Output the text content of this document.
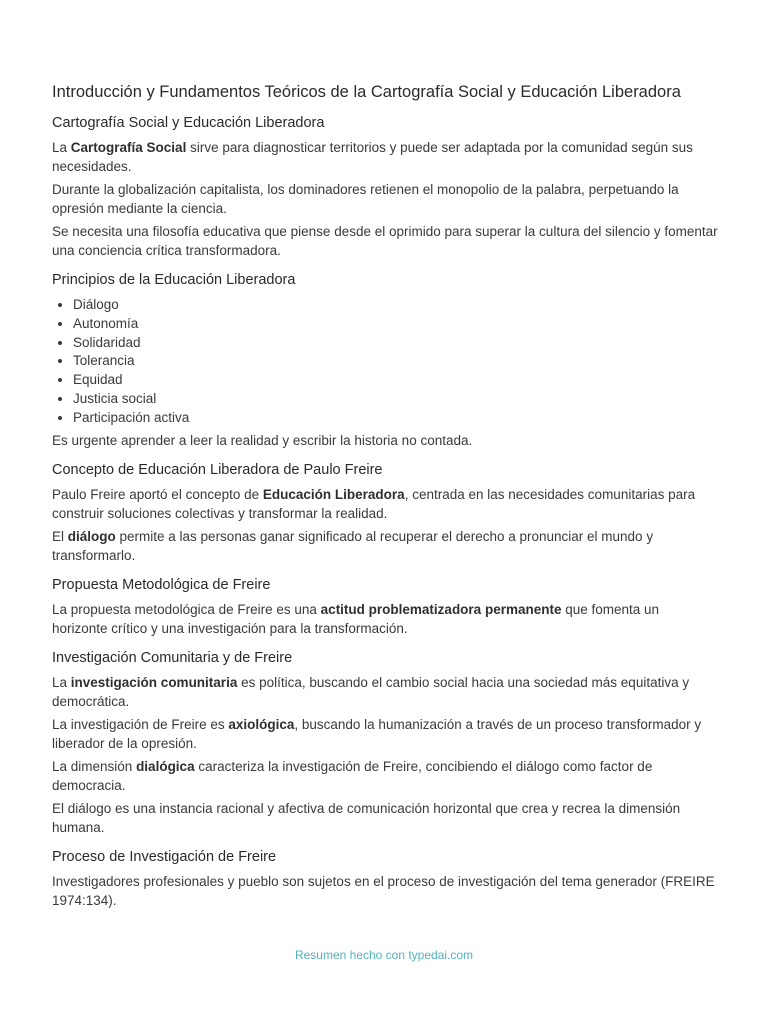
Introducción y Fundamentos Teóricos de la Cartografía Social y Educación Liberadora
Cartografía Social y Educación Liberadora

La Cartografía Social sirve para diagnosticar territorios y puede ser adaptada por la comunidad según sus necesidades.

Durante la globalización capitalista, los dominadores retienen el monopolio de la palabra, perpetuando la opresión mediante la ciencia.

Se necesita una filosofía educativa que piense desde el oprimido para superar la cultura del silencio y fomentar una conciencia crítica transformadora.

Principios de la Educación Liberadora
• Diálogo
• Autonomía
• Solidaridad
• Tolerancia
• Equidad
• Justicia social
• Participación activa

Es urgente aprender a leer la realidad y escribir la historia no contada.

Concepto de Educación Liberadora de Paulo Freire

Paulo Freire aportó el concepto de Educación Liberadora, centrada en las necesidades comunitarias para construir soluciones colectivas y transformar la realidad.

El diálogo permite a las personas ganar significado al recuperar el derecho a pronunciar el mundo y transformarlo.

Propuesta Metodológica de Freire

La propuesta metodológica de Freire es una actitud problematizadora permanente que fomenta un horizonte crítico y una investigación para la transformación.

Investigación Comunitaria y de Freire

La investigación comunitaria es política, buscando el cambio social hacia una sociedad más equitativa y democrática.

La investigación de Freire es axiológica, buscando la humanización a través de un proceso transformador y liberador de la opresión.

La dimensión dialógica caracteriza la investigación de Freire, concibiendo el diálogo como factor de democracia.

El diálogo es una instancia racional y afectiva de comunicación horizontal que crea y recrea la dimensión humana.

Proceso de Investigación de Freire

Investigadores profesionales y pueblo son sujetos en el proceso de investigación del tema generador (FREIRE 1974:134).

Resumen hecho con typedai.com
